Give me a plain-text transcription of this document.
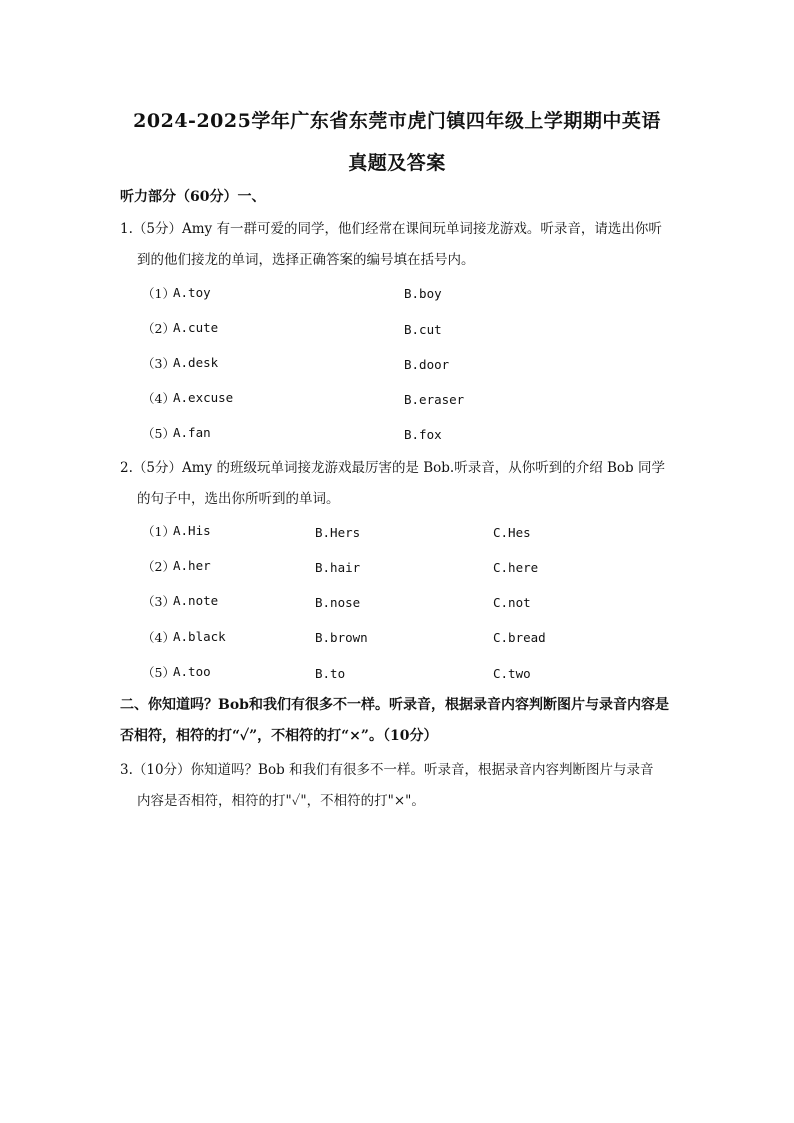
2024-2025学年广东省东莞市虎门镇四年级上学期期中英语
真题及答案
听力部分（60分）一、
1.（5分）Amy 有一群可爱的同学，他们经常在课间玩单词接龙游戏。听录音，请选出你听
到的他们接龙的单词，选择正确答案的编号填在括号内。
（1）
A.toy	B.boy
（2）
A.cute	B.cut
（3）
A.desk	B.door
（4）
A.excuse	B.eraser
（5）
A.fan	B.fox
2.（5分）Amy 的班级玩单词接龙游戏最厉害的是 Bob.听录音，从你听到的介绍 Bob 同学
的句子中，选出你所听到的单词。
（1）
A.His	B.Hers	C.Hes
（2）
A.her	B.hair	C.here
（3）
A.note	B.nose	C.not
（4）
A.black	B.brown	C.bread
（5）
A.too	B.to	C.two
二、你知道吗？Bob和我们有很多不一样。听录音，根据录音内容判断图片与录音内容是
否相符，相符的打“✓”，不相符的打“×”。（10分）
3.（10分）你知道吗？Bob 和我们有很多不一样。听录音，根据录音内容判断图片与录音
内容是否相符，相符的打"✓"，不相符的打"×"。
